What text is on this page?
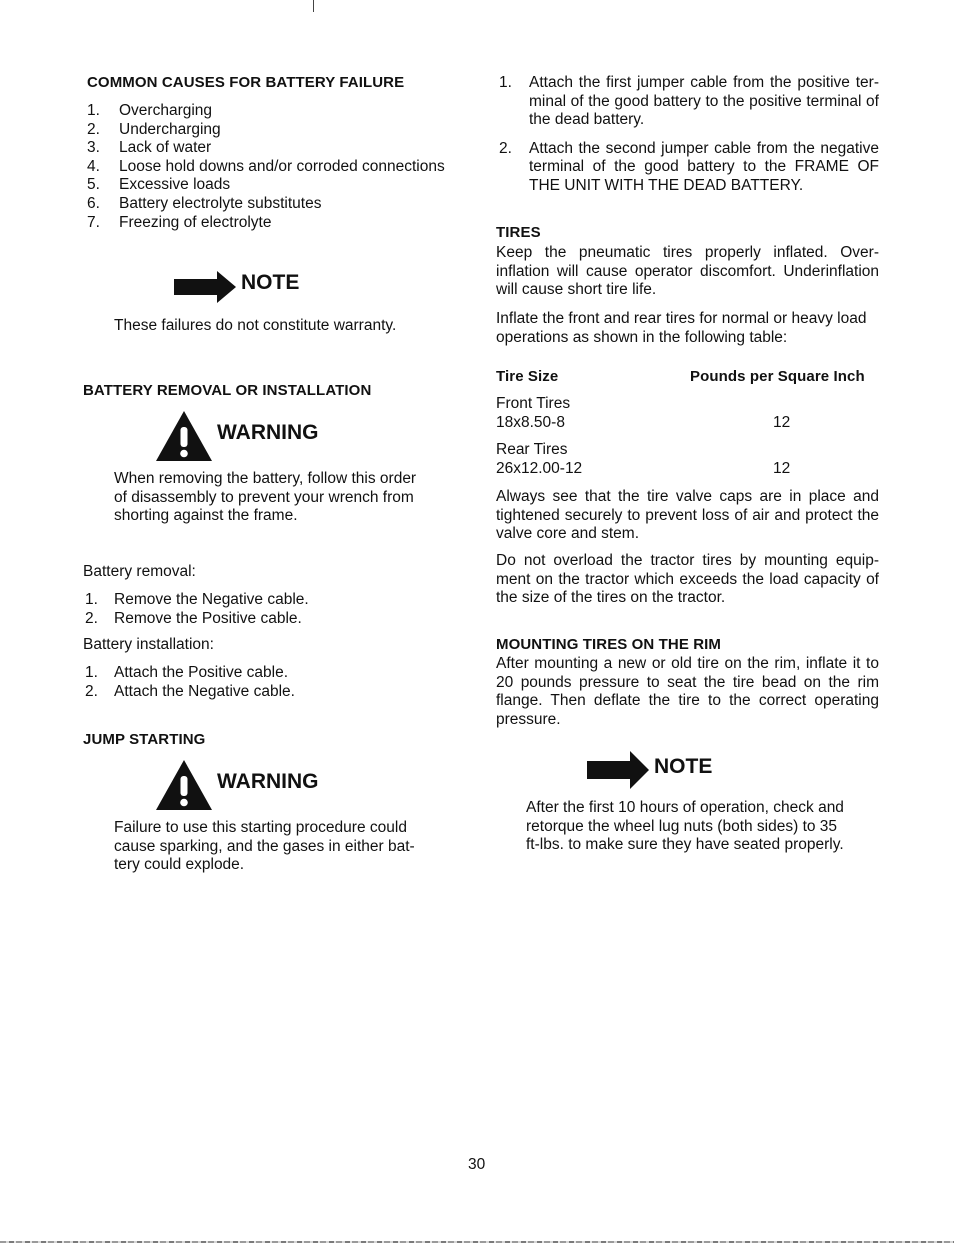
COMMON CAUSES FOR BATTERY FAILURE
1. Overcharging
2. Undercharging
3. Lack of water
4. Loose hold downs and/or corroded connections
5. Excessive loads
6. Battery electrolyte substitutes
7. Freezing of electrolyte
NOTE
These failures do not constitute warranty.
BATTERY REMOVAL OR INSTALLATION
WARNING

When removing the battery, follow this order of disassembly to prevent your wrench from shorting against the frame.

Battery removal:
1. Remove the Negative cable.
2. Remove the Positive cable.
Battery installation:
1. Attach the Positive cable.
2. Attach the Negative cable.
JUMP STARTING
WARNING

Failure to use this starting procedure could cause sparking, and the gases in either bat- tery could explode.

1. Attach the first jumper cable from the positive ter- minal of the good battery to the positive terminal of the dead battery.
2. Attach the second jumper cable from the negative terminal of the good battery to the FRAME OF THE UNIT WITH THE DEAD BATTERY.
TIRES

Keep the pneumatic tires properly inflated. Over- inflation will cause operator discomfort. Underinflation will cause short tire life.

Inflate the front and rear tires for normal or heavy load operations as shown in the following table:

Tire Size	Pounds per Square Inch
Front Tires
18x8.50-8	12
Rear Tires
26x12.00-12	12

Always see that the tire valve caps are in place and tightened securely to prevent loss of air and protect the valve core and stem.

Do not overload the tractor tires by mounting equip- ment on the tractor which exceeds the load capacity of the size of the tires on the tractor.

MOUNTING TIRES ON THE RIM

After mounting a new or old tire on the rim, inflate it to 20 pounds pressure to seat the tire bead on the rim flange. Then deflate the tire to the correct operating pressure.

NOTE

After the first 10 hours of operation, check and retorque the wheel lug nuts (both sides) to 35 ft-lbs. to make sure they have seated properly.

30
